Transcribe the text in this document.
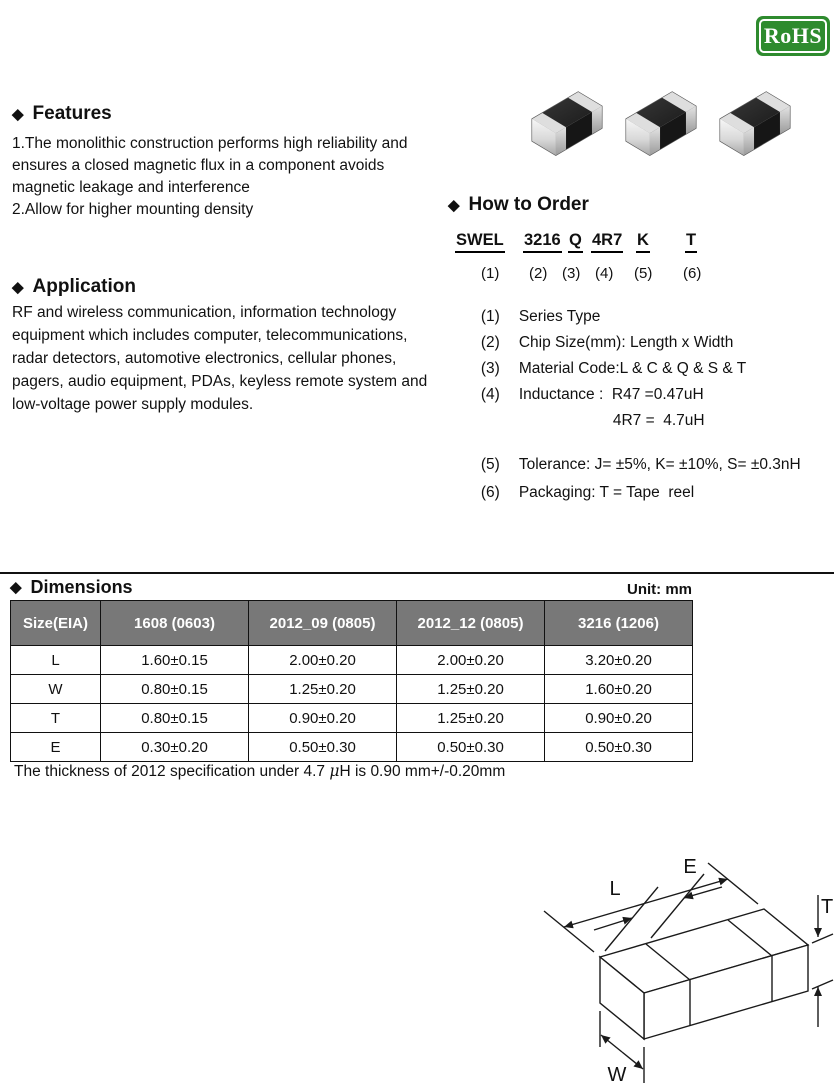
RoHS
◆ Features
1.The monolithic construction performs high reliability and
ensures a closed magnetic flux in a component avoids
magnetic leakage and interference
2.Allow for higher mounting density
◆ Application
RF and wireless communication, information technology equipment which includes computer, telecommunications, radar detectors, automotive electronics, cellular phones, pagers, audio equipment, PDAs, keyless remote system and low-voltage power supply modules.
◆ How to Order
SWEL 3216 Q 4R7 K T
(1) (2) (3) (4) (5) (6)

(1) Series Type

(2) Chip Size(mm): Length x Width

(3) Material Code:L & C & Q & S & T

(4) Inductance :  R47 =0.47uH

4R7 =  4.7uH

(5) Tolerance: J= ±5%, K= ±10%, S= ±0.3nH

(6) Packaging: T = Tape  reel

◆ Dimensions	Unit: mm
Size(EIA)	1608 (0603)	2012_09 (0805)	2012_12 (0805)	3216 (1206)
L	1.60±0.15	2.00±0.20	2.00±0.20	3.20±0.20
W	0.80±0.15	1.25±0.20	1.25±0.20	1.60±0.20
T	0.80±0.15	0.90±0.20	1.25±0.20	0.90±0.20
E	0.30±0.20	0.50±0.30	0.50±0.30	0.50±0.30
The thickness of 2012 specification under 4.7 μH is 0.90 mm+/-0.20mm
L
E
T
W
